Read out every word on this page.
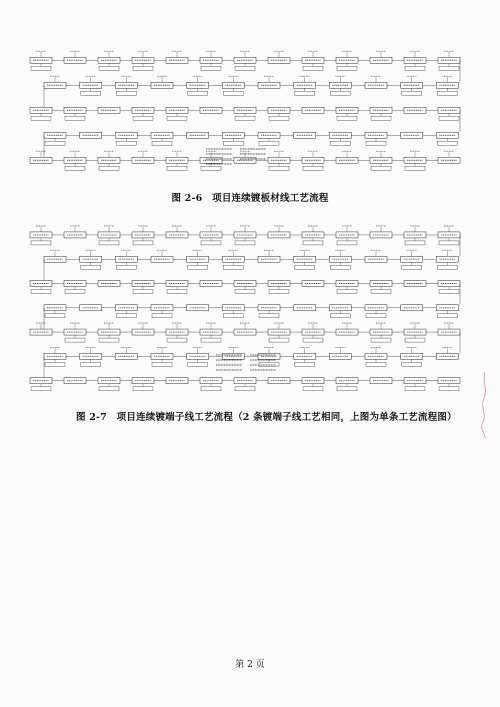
图 2-6　项目连续镀板材线工艺流程
图 2-7　项目连续镀端子线工艺流程（2 条镀端子线工艺相同，上图为单条工艺流程图）
第 2 页
